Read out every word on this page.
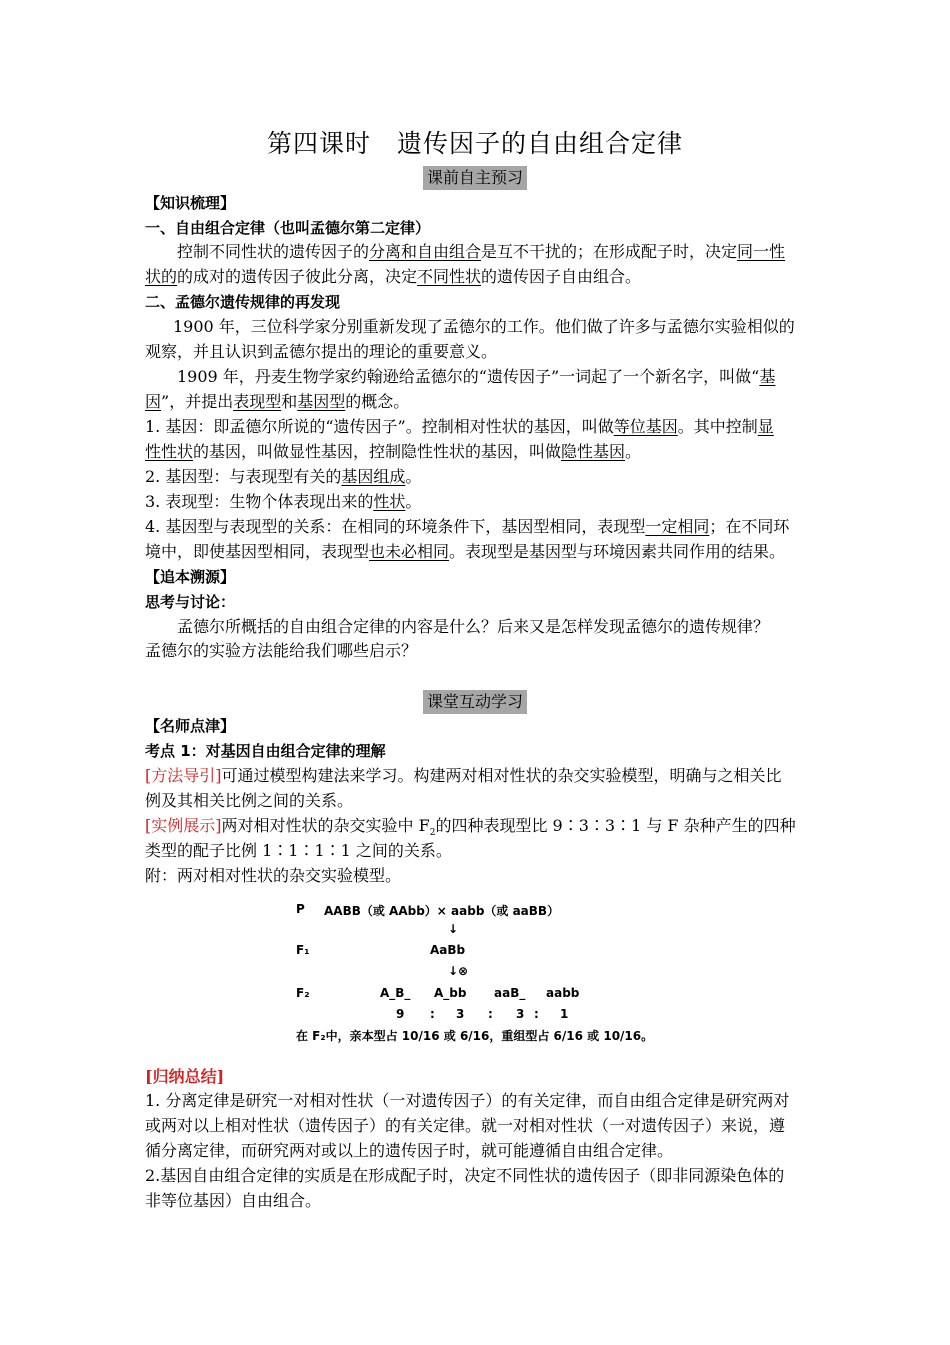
第四课时　遗传因子的自由组合定律
课前自主预习
【知识梳理】
一、自由组合定律（也叫孟德尔第二定律）
控制不同性状的遗传因子的分离和自由组合是互不干扰的；在形成配子时，决定同一性
状的的成对的遗传因子彼此分离，决定不同性状的遗传因子自由组合。
二、孟德尔遗传规律的再发现
1900 年，三位科学家分别重新发现了孟德尔的工作。他们做了许多与孟德尔实验相似的
观察，并且认识到孟德尔提出的理论的重要意义。
1909 年，丹麦生物学家约翰逊给孟德尔的“遗传因子”一词起了一个新名字，叫做“基
因”，并提出表现型和基因型的概念。
1. 基因：即孟德尔所说的“遗传因子”。控制相对性状的基因，叫做等位基因。其中控制显
性性状的基因，叫做显性基因，控制隐性性状的基因，叫做隐性基因。
2. 基因型：与表现型有关的基因组成。
3. 表现型：生物个体表现出来的性状。
4. 基因型与表现型的关系：在相同的环境条件下，基因型相同，表现型一定相同；在不同环
境中，即使基因型相同，表现型也未必相同。表现型是基因型与环境因素共同作用的结果。
【追本溯源】
思考与讨论：
孟德尔所概括的自由组合定律的内容是什么？后来又是怎样发现孟德尔的遗传规律？
孟德尔的实验方法能给我们哪些启示？
课堂互动学习
【名师点津】
考点 1：对基因自由组合定律的理解
[方法导引]可通过模型构建法来学习。构建两对相对性状的杂交实验模型，明确与之相关比
例及其相关比例之间的关系。
[实例展示]两对相对性状的杂交实验中 $F_2$的四种表现型比 9∶3∶3∶1 与 F 杂种产生的四种
类型的配子比例 1∶1∶1∶1 之间的关系。
附：两对相对性状的杂交实验模型。
P AABB（或 AAbb）× aabb（或 aaBB）
↓
F₁	AaBb
↓⊗
F₂	A_B_ A_bb aaB_ aabb
9 : 3 : 3 : 1
在 F₂中，亲本型占 10/16 或 6/16，重组型占 6/16 或 10/16。
[归纳总结]
1. 分离定律是研究一对相对性状（一对遗传因子）的有关定律，而自由组合定律是研究两对
或两对以上相对性状（遗传因子）的有关定律。就一对相对性状（一对遗传因子）来说，遵
循分离定律，而研究两对或以上的遗传因子时，就可能遵循自由组合定律。
2.基因自由组合定律的实质是在形成配子时，决定不同性状的遗传因子（即非同源染色体的
非等位基因）自由组合。
